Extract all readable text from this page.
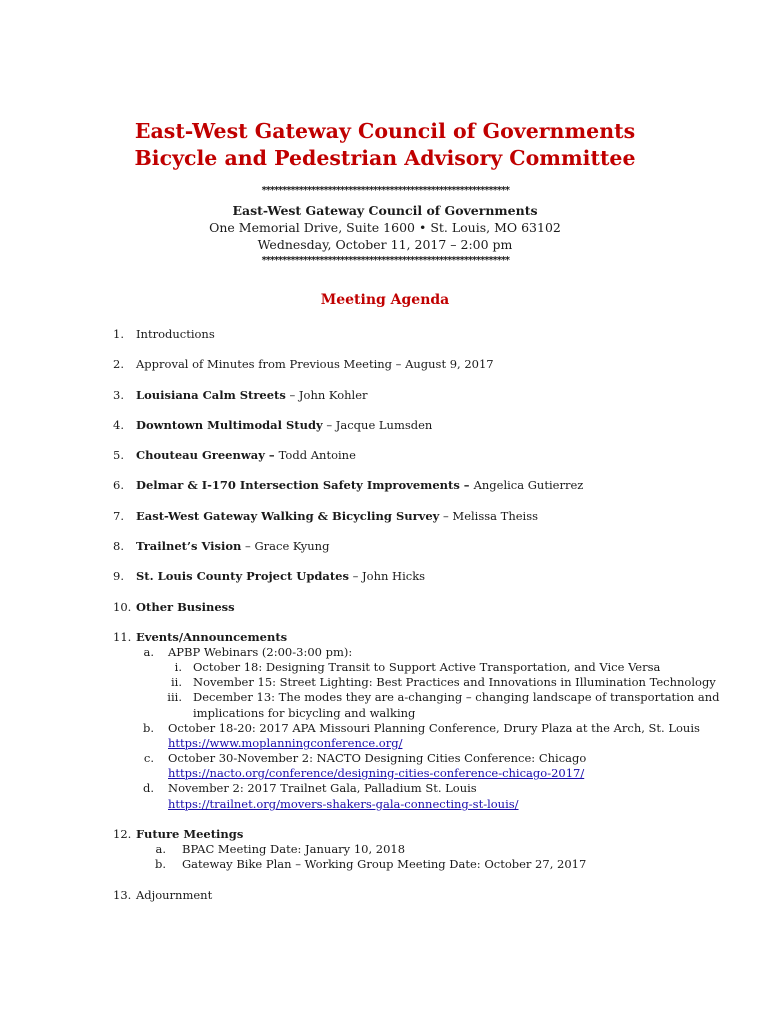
East-West Gateway Council of Governments
Bicycle and Pedestrian Advisory Committee
************************************************************
East-West Gateway Council of Governments
One Memorial Drive, Suite 1600 • St. Louis, MO 63102
Wednesday, October 11, 2017 – 2:00 pm
************************************************************
Meeting Agenda
1. Introductions
2. Approval of Minutes from Previous Meeting – August 9, 2017
3. Louisiana Calm Streets – John Kohler
4. Downtown Multimodal Study – Jacque Lumsden
5. Chouteau Greenway – Todd Antoine
6. Delmar & I-170 Intersection Safety Improvements – Angelica Gutierrez
7. East-West Gateway Walking & Bicycling Survey – Melissa Theiss
8. Trailnet’s Vision – Grace Kyung
9. St. Louis County Project Updates – John Hicks
10. Other Business
11. Events/Announcements
a. APBP Webinars (2:00-3:00 pm):
i. October 18: Designing Transit to Support Active Transportation, and Vice Versa
ii. November 15: Street Lighting: Best Practices and Innovations in Illumination Technology
iii. December 13: The modes they are a-changing – changing landscape of transportation and
implications for bicycling and walking
b. October 18-20: 2017 APA Missouri Planning Conference, Drury Plaza at the Arch, St. Louis
https://www.moplanningconference.org/
c. October 30-November 2: NACTO Designing Cities Conference: Chicago
https://nacto.org/conference/designing-cities-conference-chicago-2017/
d. November 2: 2017 Trailnet Gala, Palladium St. Louis
https://trailnet.org/movers-shakers-gala-connecting-st-louis/
12. Future Meetings
a. BPAC Meeting Date: January 10, 2018
b. Gateway Bike Plan – Working Group Meeting Date: October 27, 2017
13. Adjournment
